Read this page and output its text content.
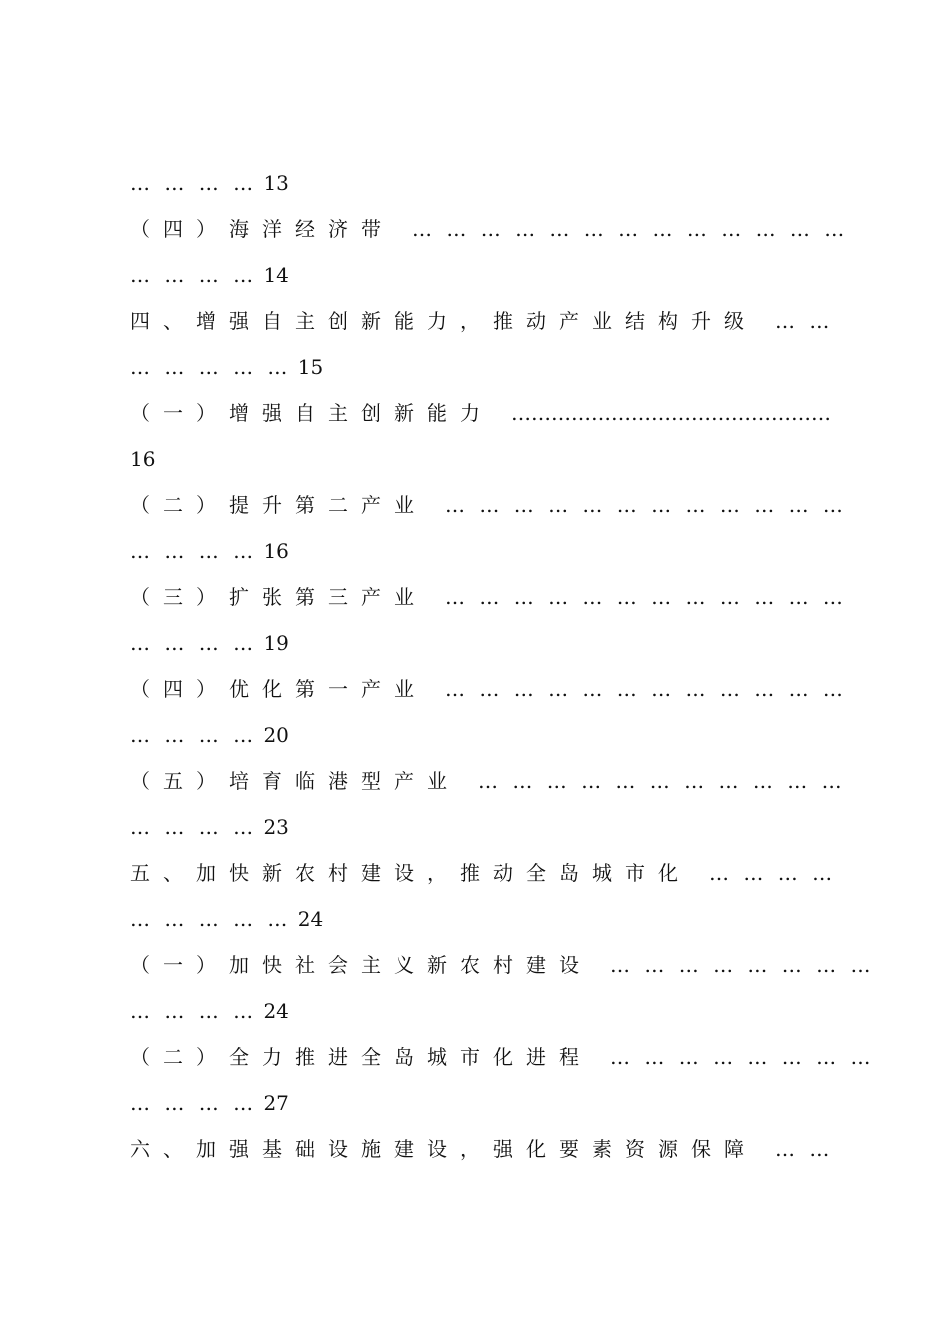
… … … … 13
（四）海洋经济带 … … … … … … … … … … … … …
… … … … 14
四、增强自主创新能力，推动产业结构升级 … …
… … … … … 15
（一）增强自主创新能力 …………………………………………
16
（二）提升第二产业 … … … … … … … … … … … …
… … … … 16
（三）扩张第三产业 … … … … … … … … … … … …
… … … … 19
（四）优化第一产业 … … … … … … … … … … … …
… … … … 20
（五）培育临港型产业 … … … … … … … … … … …
… … … … 23
五、加快新农村建设，推动全岛城市化 … … … …
… … … … … 24
（一）加快社会主义新农村建设 … … … … … … … …
… … … … 24
（二）全力推进全岛城市化进程 … … … … … … … …
… … … … 27
六、加强基础设施建设，强化要素资源保障 … …
